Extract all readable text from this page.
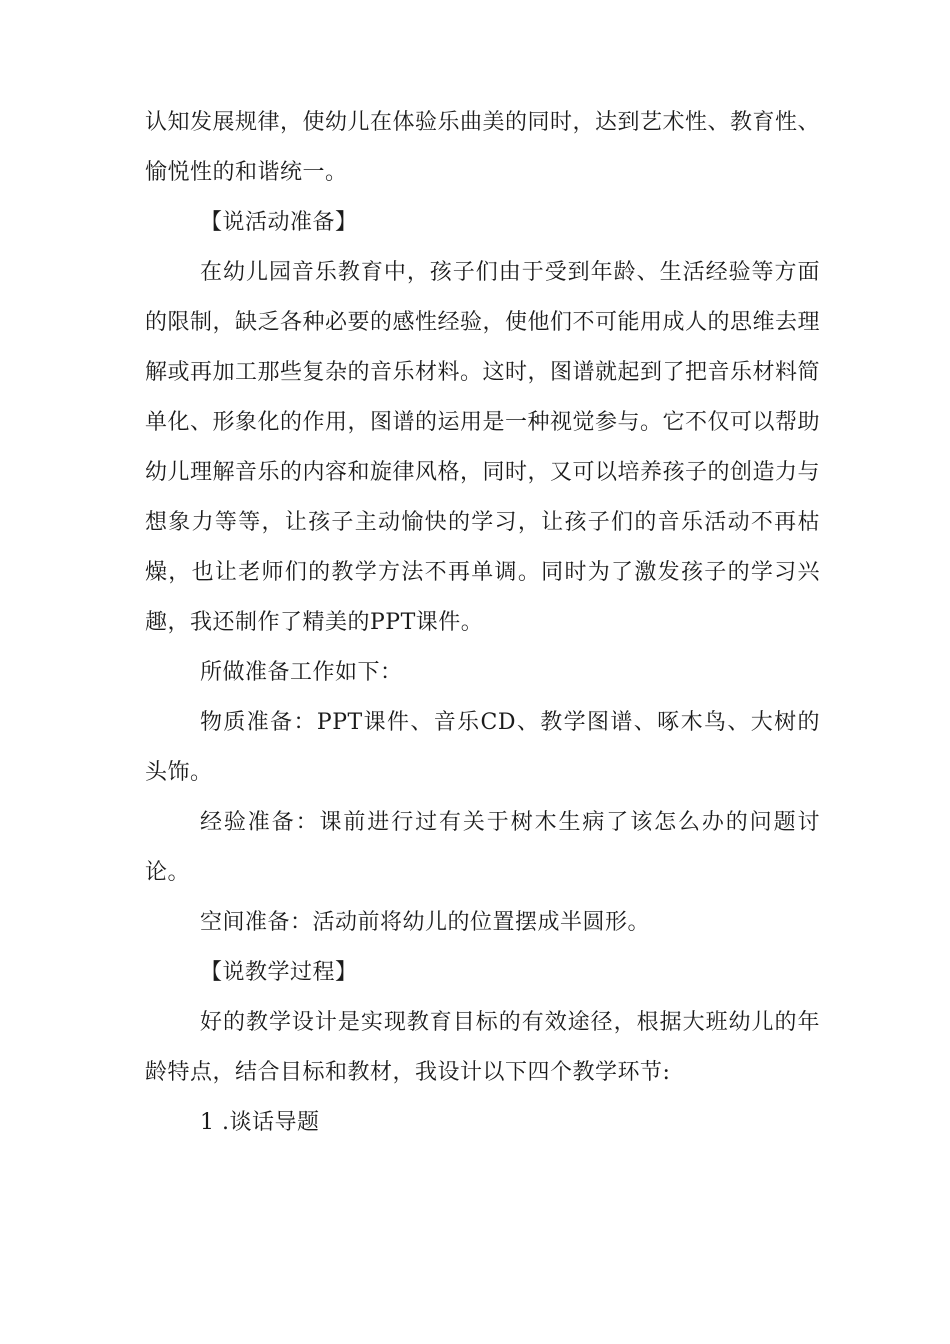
认知发展规律，使幼儿在体验乐曲美的同时，达到艺术性、教育性、愉悦性的和谐统一。

【说活动准备】

在幼儿园音乐教育中，孩子们由于受到年龄、生活经验等方面的限制，缺乏各种必要的感性经验，使他们不可能用成人的思维去理解或再加工那些复杂的音乐材料。这时，图谱就起到了把音乐材料简单化、形象化的作用，图谱的运用是一种视觉参与。它不仅可以帮助幼儿理解音乐的内容和旋律风格，同时，又可以培养孩子的创造力与想象力等等，让孩子主动愉快的学习，让孩子们的音乐活动不再枯燥，也让老师们的教学方法不再单调。同时为了激发孩子的学习兴趣，我还制作了精美的PPT课件。

所做准备工作如下：

物质准备：PPT课件、音乐CD、教学图谱、啄木鸟、大树的头饰。

经验准备：课前进行过有关于树木生病了该怎么办的问题讨论。

空间准备：活动前将幼儿的位置摆成半圆形。

【说教学过程】

好的教学设计是实现教育目标的有效途径，根据大班幼儿的年龄特点，结合目标和教材，我设计以下四个教学环节:

1 .谈话导题
